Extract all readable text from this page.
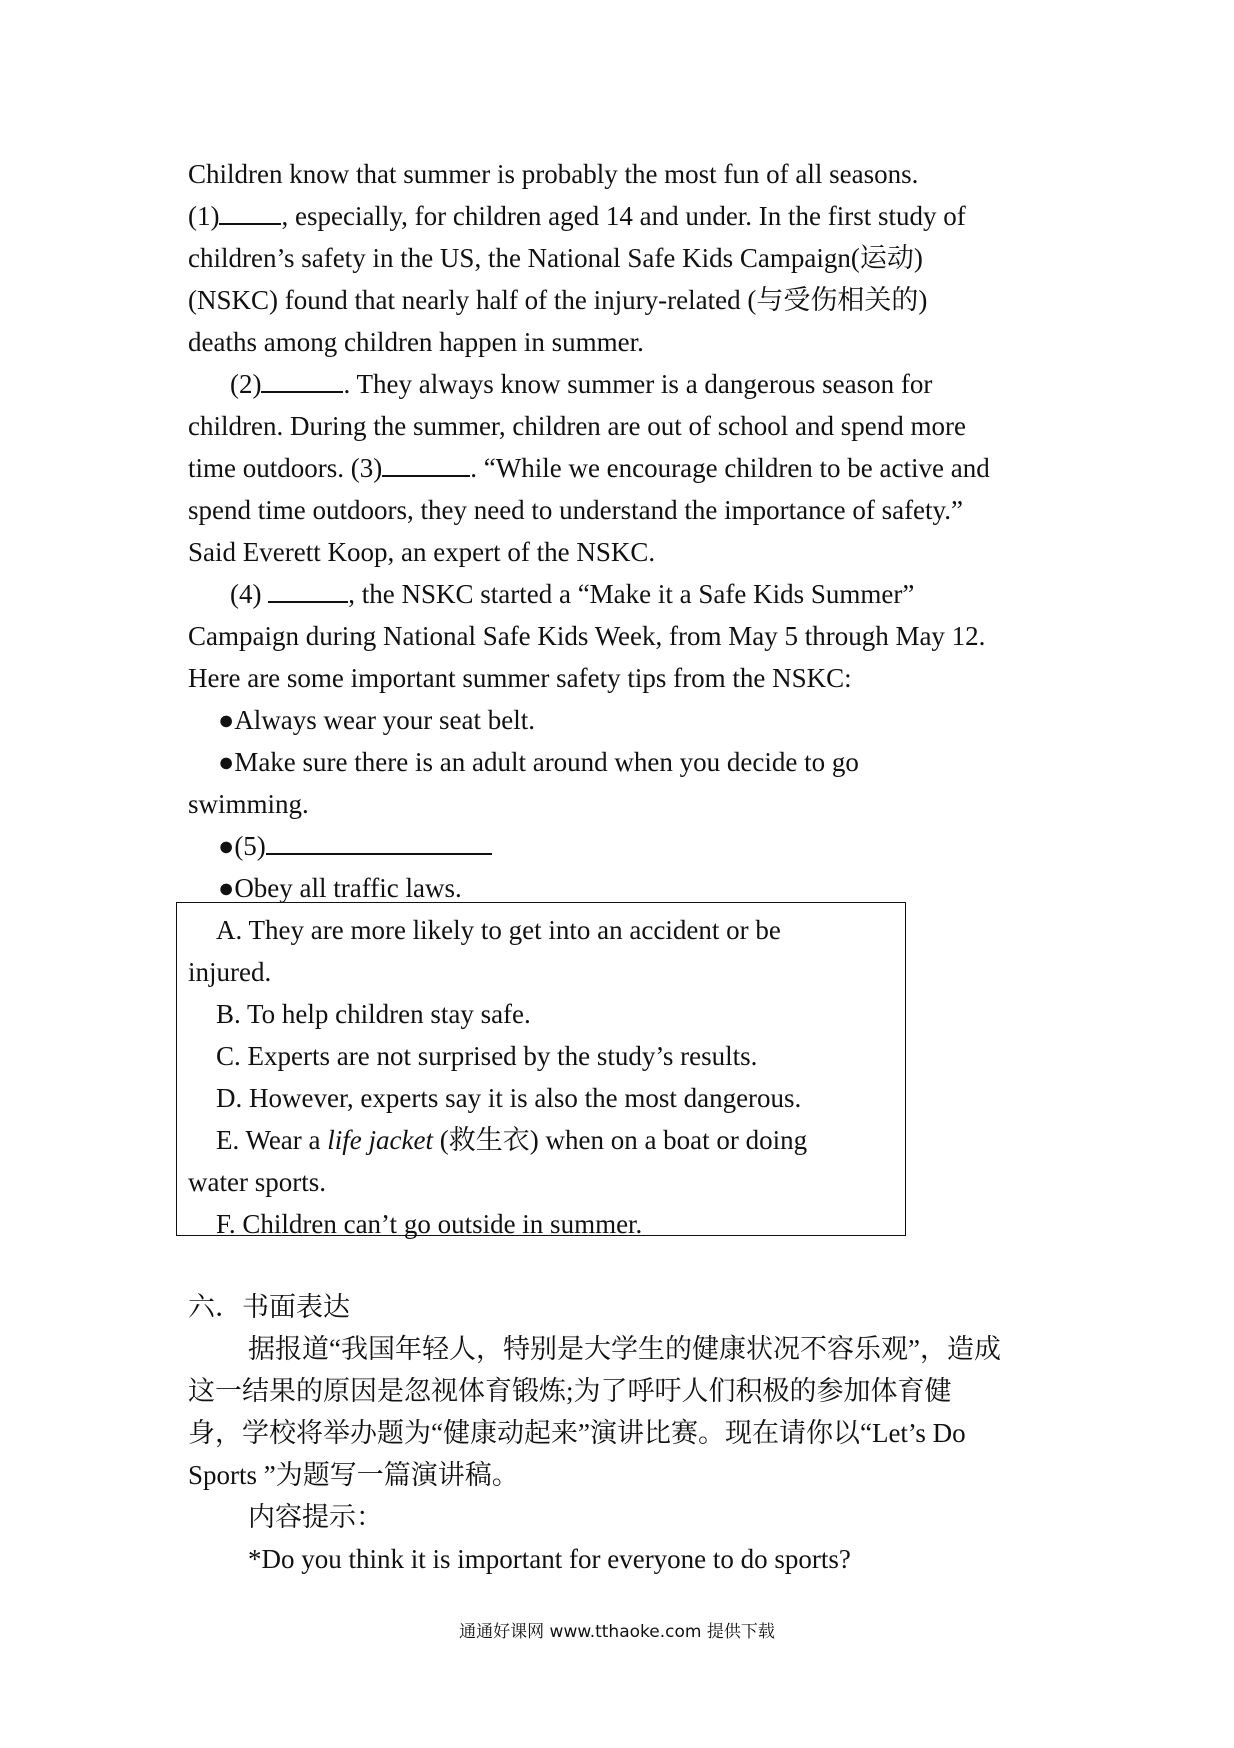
Children know that summer is probably the most fun of all seasons.
(1) , especially, for children aged 14 and under. In the first study of
children’s safety in the US, the National Safe Kids Campaign(运动)
(NSKC) found that nearly half of the injury-related (与受伤相关的)
deaths among children happen in summer.
(2)	. They always know summer is a dangerous season for
children. During the summer, children are out of school and spend more
time outdoors. (3)	. “While we encourage children to be active and
spend time outdoors, they need to understand the importance of safety.”
Said Everett Koop, an expert of the NSKC.
(4)	, the NSKC started a “Make it a Safe Kids Summer”
Campaign during National Safe Kids Week, from May 5 through May 12.
Here are some important summer safety tips from the NSKC:
●Always wear your seat belt.
●Make sure there is an adult around when you decide to go
swimming.
●(5)
●Obey all traffic laws.
A. They are more likely to get into an accident or be
injured.
B. To help children stay safe.
C. Experts are not surprised by the study’s results.
D. However, experts say it is also the most dangerous.
E. Wear a life jacket (救生衣) when on a boat or doing
water sports.
F. Children can’t go outside in summer.
六．书面表达
据报道“我国年轻人，特别是大学生的健康状况不容乐观”，造成
这一结果的原因是忽视体育锻炼;为了呼吁人们积极的参加体育健
身，学校将举办题为“健康动起来”演讲比赛。现在请你以“Let’s Do
Sports ”为题写一篇演讲稿。
内容提示：
*Do you think it is important for everyone to do sports?
通通好课网 www.tthaoke.com 提供下载
